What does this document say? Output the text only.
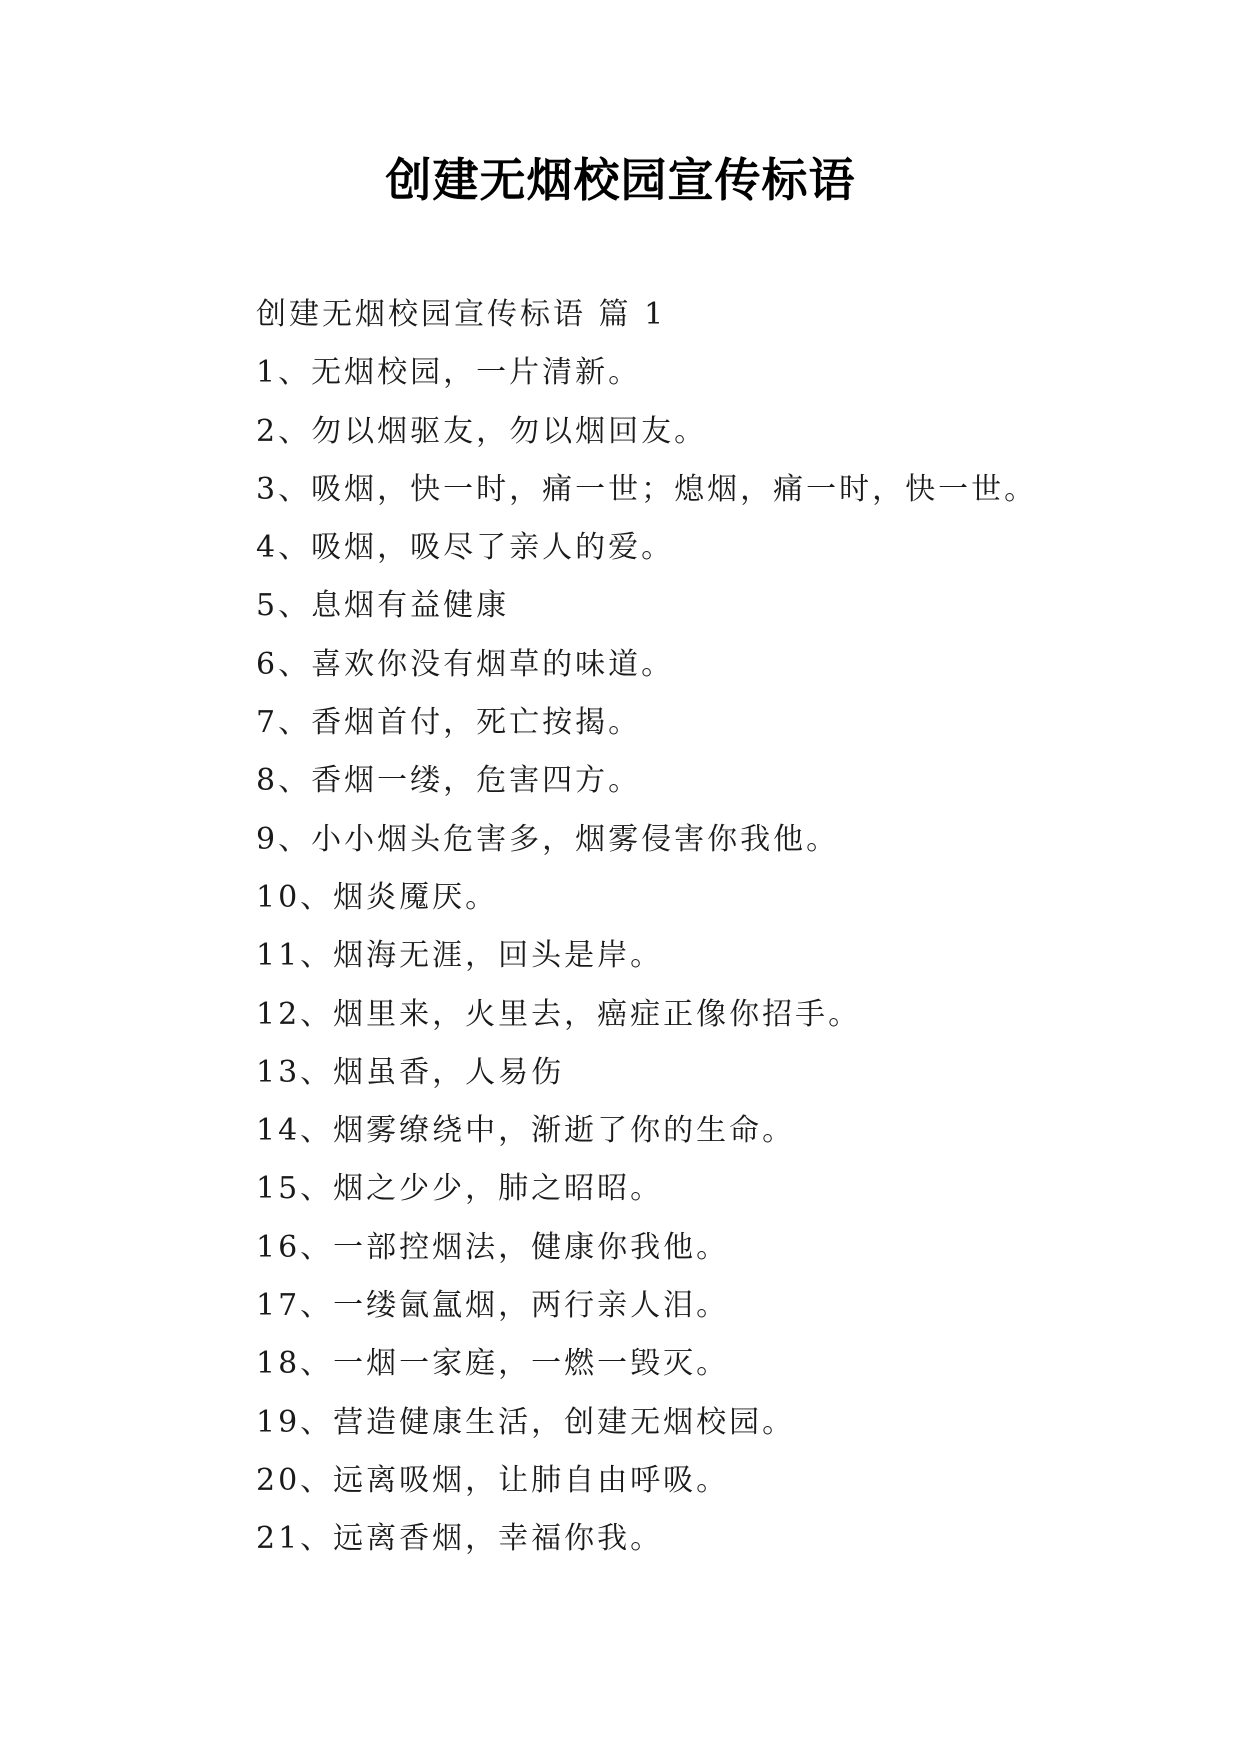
创建无烟校园宣传标语
创建无烟校园宣传标语 篇 1
1、无烟校园，一片清新。
2、勿以烟驱友，勿以烟回友。
3、吸烟，快一时，痛一世；熄烟，痛一时，快一世。
4、吸烟，吸尽了亲人的爱。
5、息烟有益健康
6、喜欢你没有烟草的味道。
7、香烟首付，死亡按揭。
8、香烟一缕，危害四方。
9、小小烟头危害多，烟雾侵害你我他。
10、烟炎魇厌。
11、烟海无涯，回头是岸。
12、烟里来，火里去，癌症正像你招手。
13、烟虽香，人易伤
14、烟雾缭绕中，渐逝了你的生命。
15、烟之少少，肺之昭昭。
16、一部控烟法，健康你我他。
17、一缕氤氲烟，两行亲人泪。
18、一烟一家庭，一燃一毁灭。
19、营造健康生活，创建无烟校园。
20、远离吸烟，让肺自由呼吸。
21、远离香烟，幸福你我。
